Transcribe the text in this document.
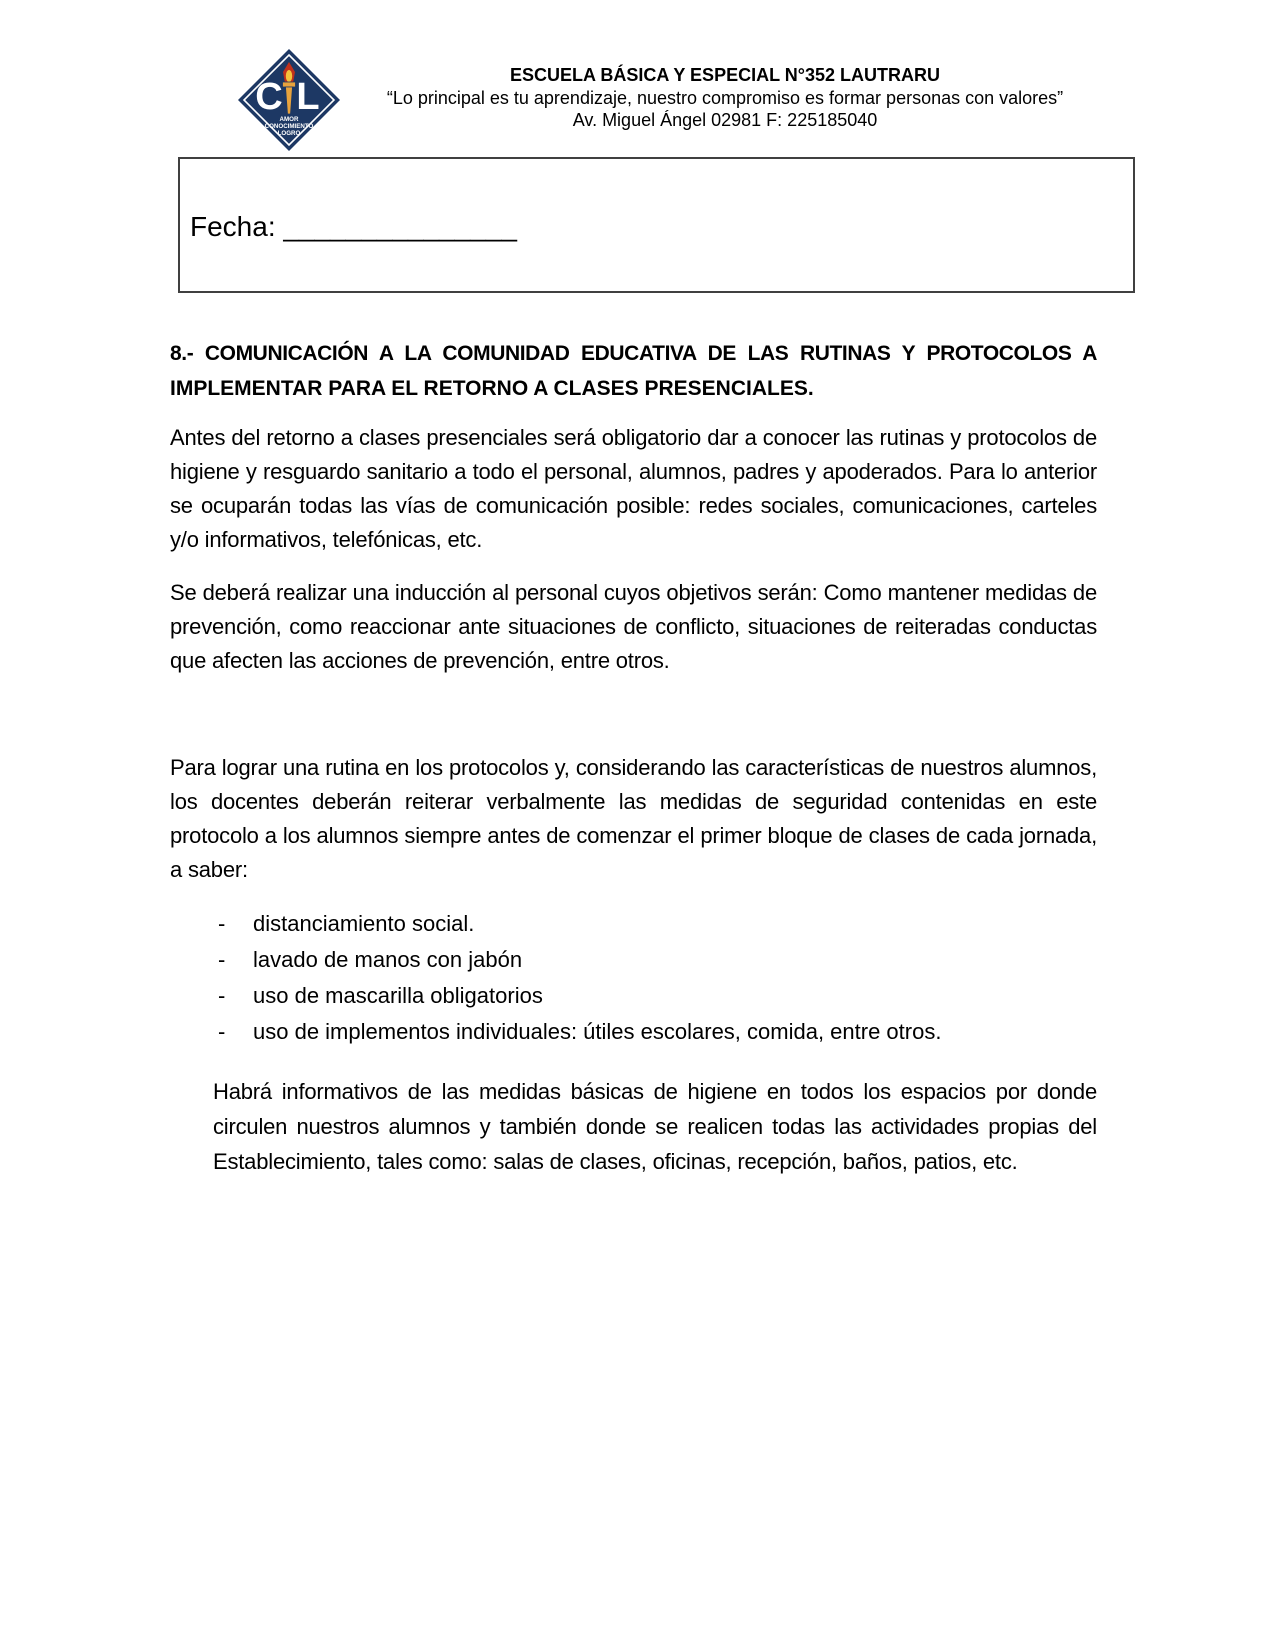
C L
AMOR
CONOCIMIENTO
LOGRO
ESCUELA BÁSICA Y ESPECIAL N°352 LAUTRARU
“Lo principal es tu aprendizaje, nuestro compromiso es formar personas con valores”
Av. Miguel Ángel 02981 F: 225185040
Fecha: _______________
8.- COMUNICACIÓN A LA COMUNIDAD EDUCATIVA DE LAS RUTINAS Y PROTOCOLOS A
IMPLEMENTAR PARA EL RETORNO A CLASES PRESENCIALES.
Antes del retorno a clases presenciales será obligatorio dar a conocer las rutinas y protocolos de higiene y resguardo sanitario a todo el personal, alumnos, padres y apoderados. Para lo anterior se ocuparán todas las vías de comunicación posible: redes sociales, comunicaciones, carteles y/o informativos, telefónicas, etc.
Se deberá realizar una inducción al personal cuyos objetivos serán: Como mantener medidas de prevención, como reaccionar ante situaciones de conflicto, situaciones de reiteradas conductas que afecten las acciones de prevención, entre otros.
Para lograr una rutina en los protocolos y, considerando las características de nuestros alumnos, los docentes deberán reiterar verbalmente las medidas de seguridad contenidas en este protocolo a los alumnos siempre antes de comenzar el primer bloque de clases de cada jornada, a saber:
-	distanciamiento social.
-	lavado de manos con jabón
-	uso de mascarilla obligatorios
-	uso de implementos individuales: útiles escolares, comida, entre otros.
Habrá informativos de las medidas básicas de higiene en todos los espacios por donde circulen nuestros alumnos y también donde se realicen todas las actividades propias del Establecimiento, tales como: salas de clases, oficinas, recepción, baños, patios, etc.
